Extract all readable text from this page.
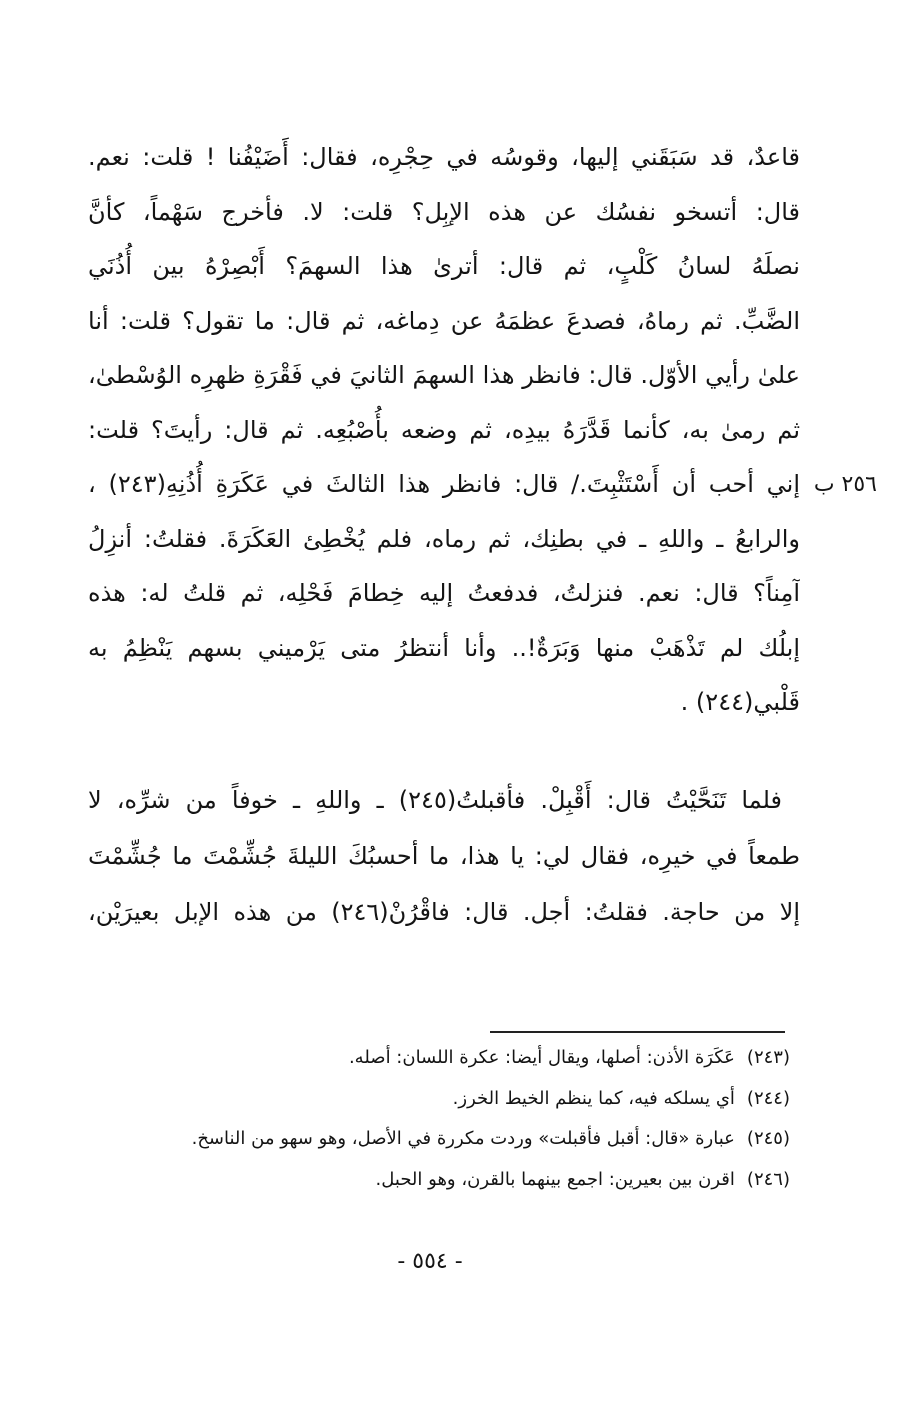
قاعدٌ، قد سَبَقَني إليها، وقوسُه في حِجْرِه، فقال: أَضَيْفُنا ! قلت: نعم.
قال: أتسخو نفسُك عن هذه الإبِل؟ قلت: لا. فأخرج سَهْماً، كأنَّ
نصلَهُ لسانُ كَلْبٍ، ثم قال: أترىٰ هذا السهمَ؟ أَبْصِرْهُ بين أُذُنَي
الضَّبِّ. ثم رماهُ، فصدعَ عظمَهُ عن دِماغه، ثم قال: ما تقول؟ قلت: أنا
علىٰ رأيي الأوّل. قال: فانظر هذا السهمَ الثانيَ في فَقْرَةِ ظهرِه الوُسْطىٰ،
ثم رمىٰ به، كأنما قَدَّرَهُ بيدِه، ثم وضعه بأُصْبُعِه. ثم قال: رأيتَ؟ قلت:
إني أحب أن أَسْتَثْبِتَ./ قال: فانظر هذا الثالثَ في عَكَرَةِ أُذُنِهِ(٢٤٣) ،
والرابعُ ـ واللهِ ـ في بطنِك، ثم رماه، فلم يُخْطِئ العَكَرَةَ. فقلتُ: أنزِلُ
آمِناً؟ قال: نعم. فنزلتُ، فدفعتُ إليه خِطامَ فَحْلِه، ثم قلتُ له: هذه
إبلُك لم تَذْهَبْ منها وَبَرَةٌ!.. وأنا أنتظرُ متى يَرْميني بسهم يَنْظِمُ به
قَلْبي(٢٤٤) .
٢٥٦ ب
فلما تَنَحَّيْتُ قال: أَقْبِلْ. فأقبلتُ(٢٤٥) ـ واللهِ ـ خوفاً من شرِّه، لا
طمعاً في خيرِه، فقال لي: يا هذا، ما أحسبُكَ الليلةَ جُشِّمْتَ ما جُشِّمْتَ
إلا من حاجة. فقلتُ: أجل. قال: فاقْرُنْ(٢٤٦) من هذه الإبل بعيرَيْن،
(٢٤٣)عَكَرَة الأذن: أصلها، ويقال أيضا: عكرة اللسان: أصله.
(٢٤٤)أي يسلكه فيه، كما ينظم الخيط الخرز.
(٢٤٥)عبارة «قال: أقبل فأقبلت» وردت مكررة في الأصل، وهو سهو من الناسخ.
(٢٤٦)اقرن بين بعيرين: اجمع بينهما بالقرن، وهو الحبل.
- ٥٥٤ -
